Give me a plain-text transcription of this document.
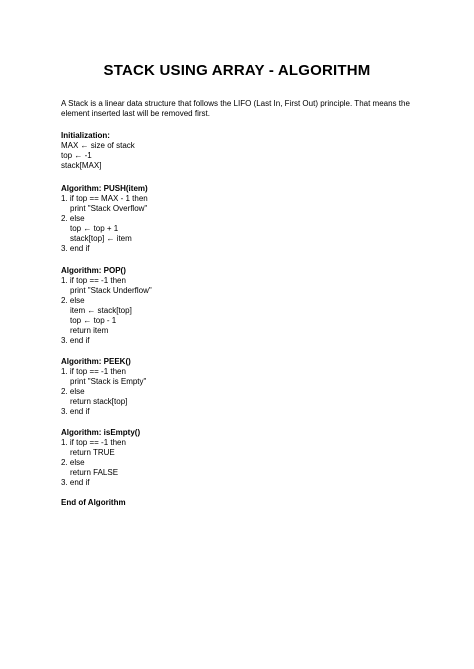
STACK USING ARRAY - ALGORITHM
A Stack is a linear data structure that follows the LIFO (Last In, First Out) principle. That means the
element inserted last will be removed first.
Initialization:
MAX ← size of stack
top ← -1
stack[MAX]
Algorithm: PUSH(item)
1. if top == MAX - 1 then
print "Stack Overflow"
2. else
top ← top + 1
stack[top] ← item
3. end if
Algorithm: POP()
1. if top == -1 then
print "Stack Underflow"
2. else
item ← stack[top]
top ← top - 1
return item
3. end if
Algorithm: PEEK()
1. if top == -1 then
print "Stack is Empty"
2. else
return stack[top]
3. end if
Algorithm: isEmpty()
1. if top == -1 then
return TRUE
2. else
return FALSE
3. end if
End of Algorithm
